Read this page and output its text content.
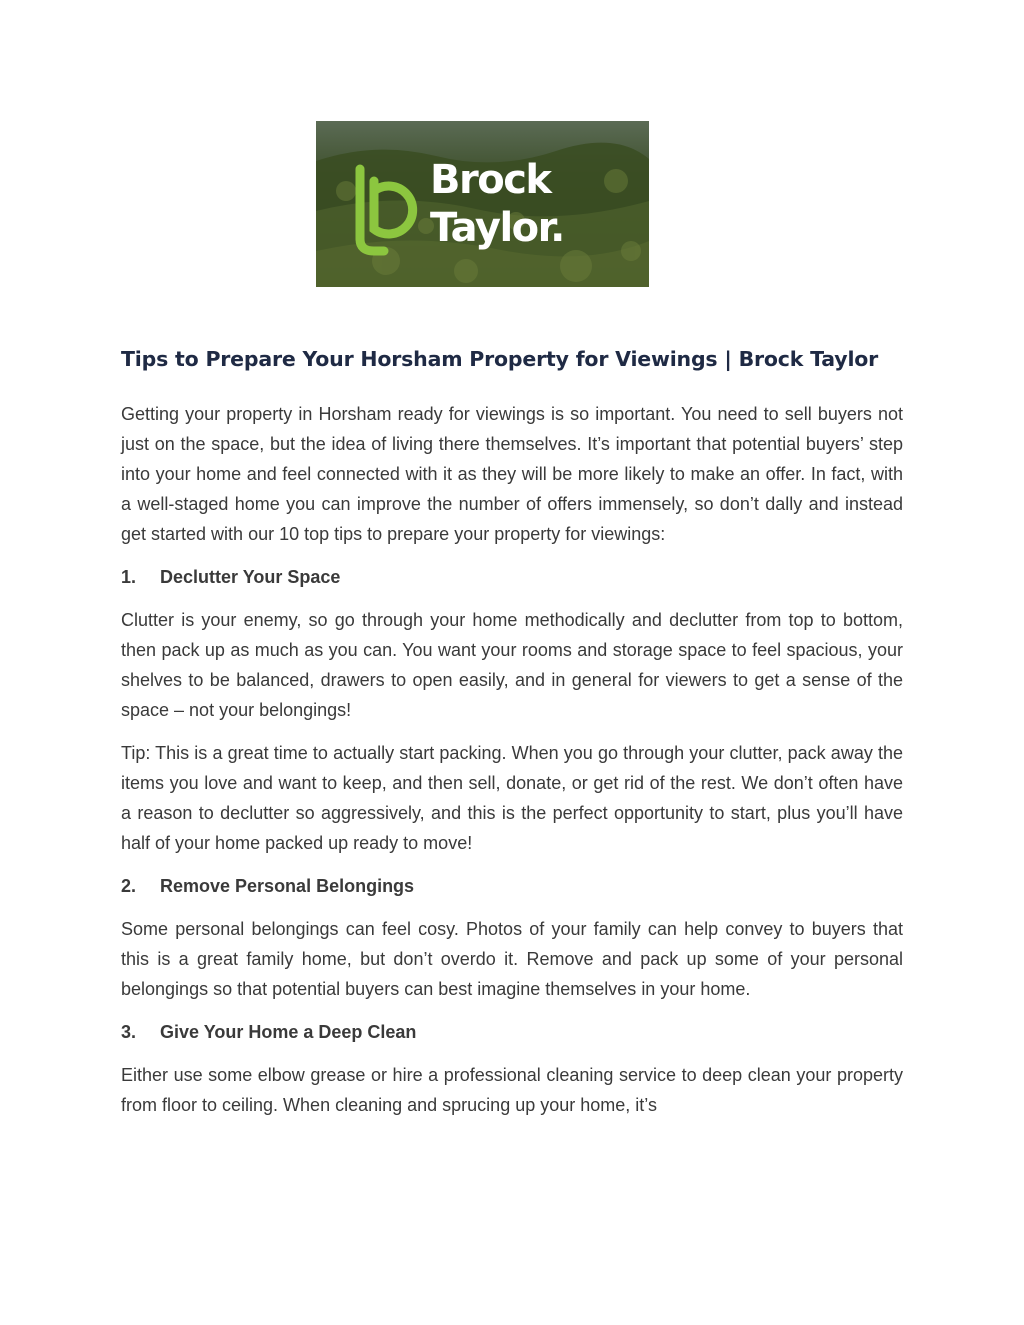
Brock
Taylor.
Tips to Prepare Your Horsham Property for Viewings | Brock Taylor

Getting your property in Horsham ready for viewings is so important. You need to sell buyers not just on the space, but the idea of living there themselves. It’s important that potential buyers’ step into your home and feel connected with it as they will be more likely to make an offer. In fact, with a well-staged home you can improve the number of offers immensely, so don’t dally and instead get started with our 10 top tips to prepare your property for viewings:

1.	Declutter Your Space

Clutter is your enemy, so go through your home methodically and declutter from top to bottom, then pack up as much as you can. You want your rooms and storage space to feel spacious, your shelves to be balanced, drawers to open easily, and in general for viewers to get a sense of the space – not your belongings!

Tip: This is a great time to actually start packing. When you go through your clutter, pack away the items you love and want to keep, and then sell, donate, or get rid of the rest. We don’t often have a reason to declutter so aggressively, and this is the perfect opportunity to start, plus you’ll have half of your home packed up ready to move!

2.	Remove Personal Belongings

Some personal belongings can feel cosy. Photos of your family can help convey to buyers that this is a great family home, but don’t overdo it. Remove and pack up some of your personal belongings so that potential buyers can best imagine themselves in your home.

3.	Give Your Home a Deep Clean

Either use some elbow grease or hire a professional cleaning service to deep clean your property from floor to ceiling. When cleaning and sprucing up your home, it’s
